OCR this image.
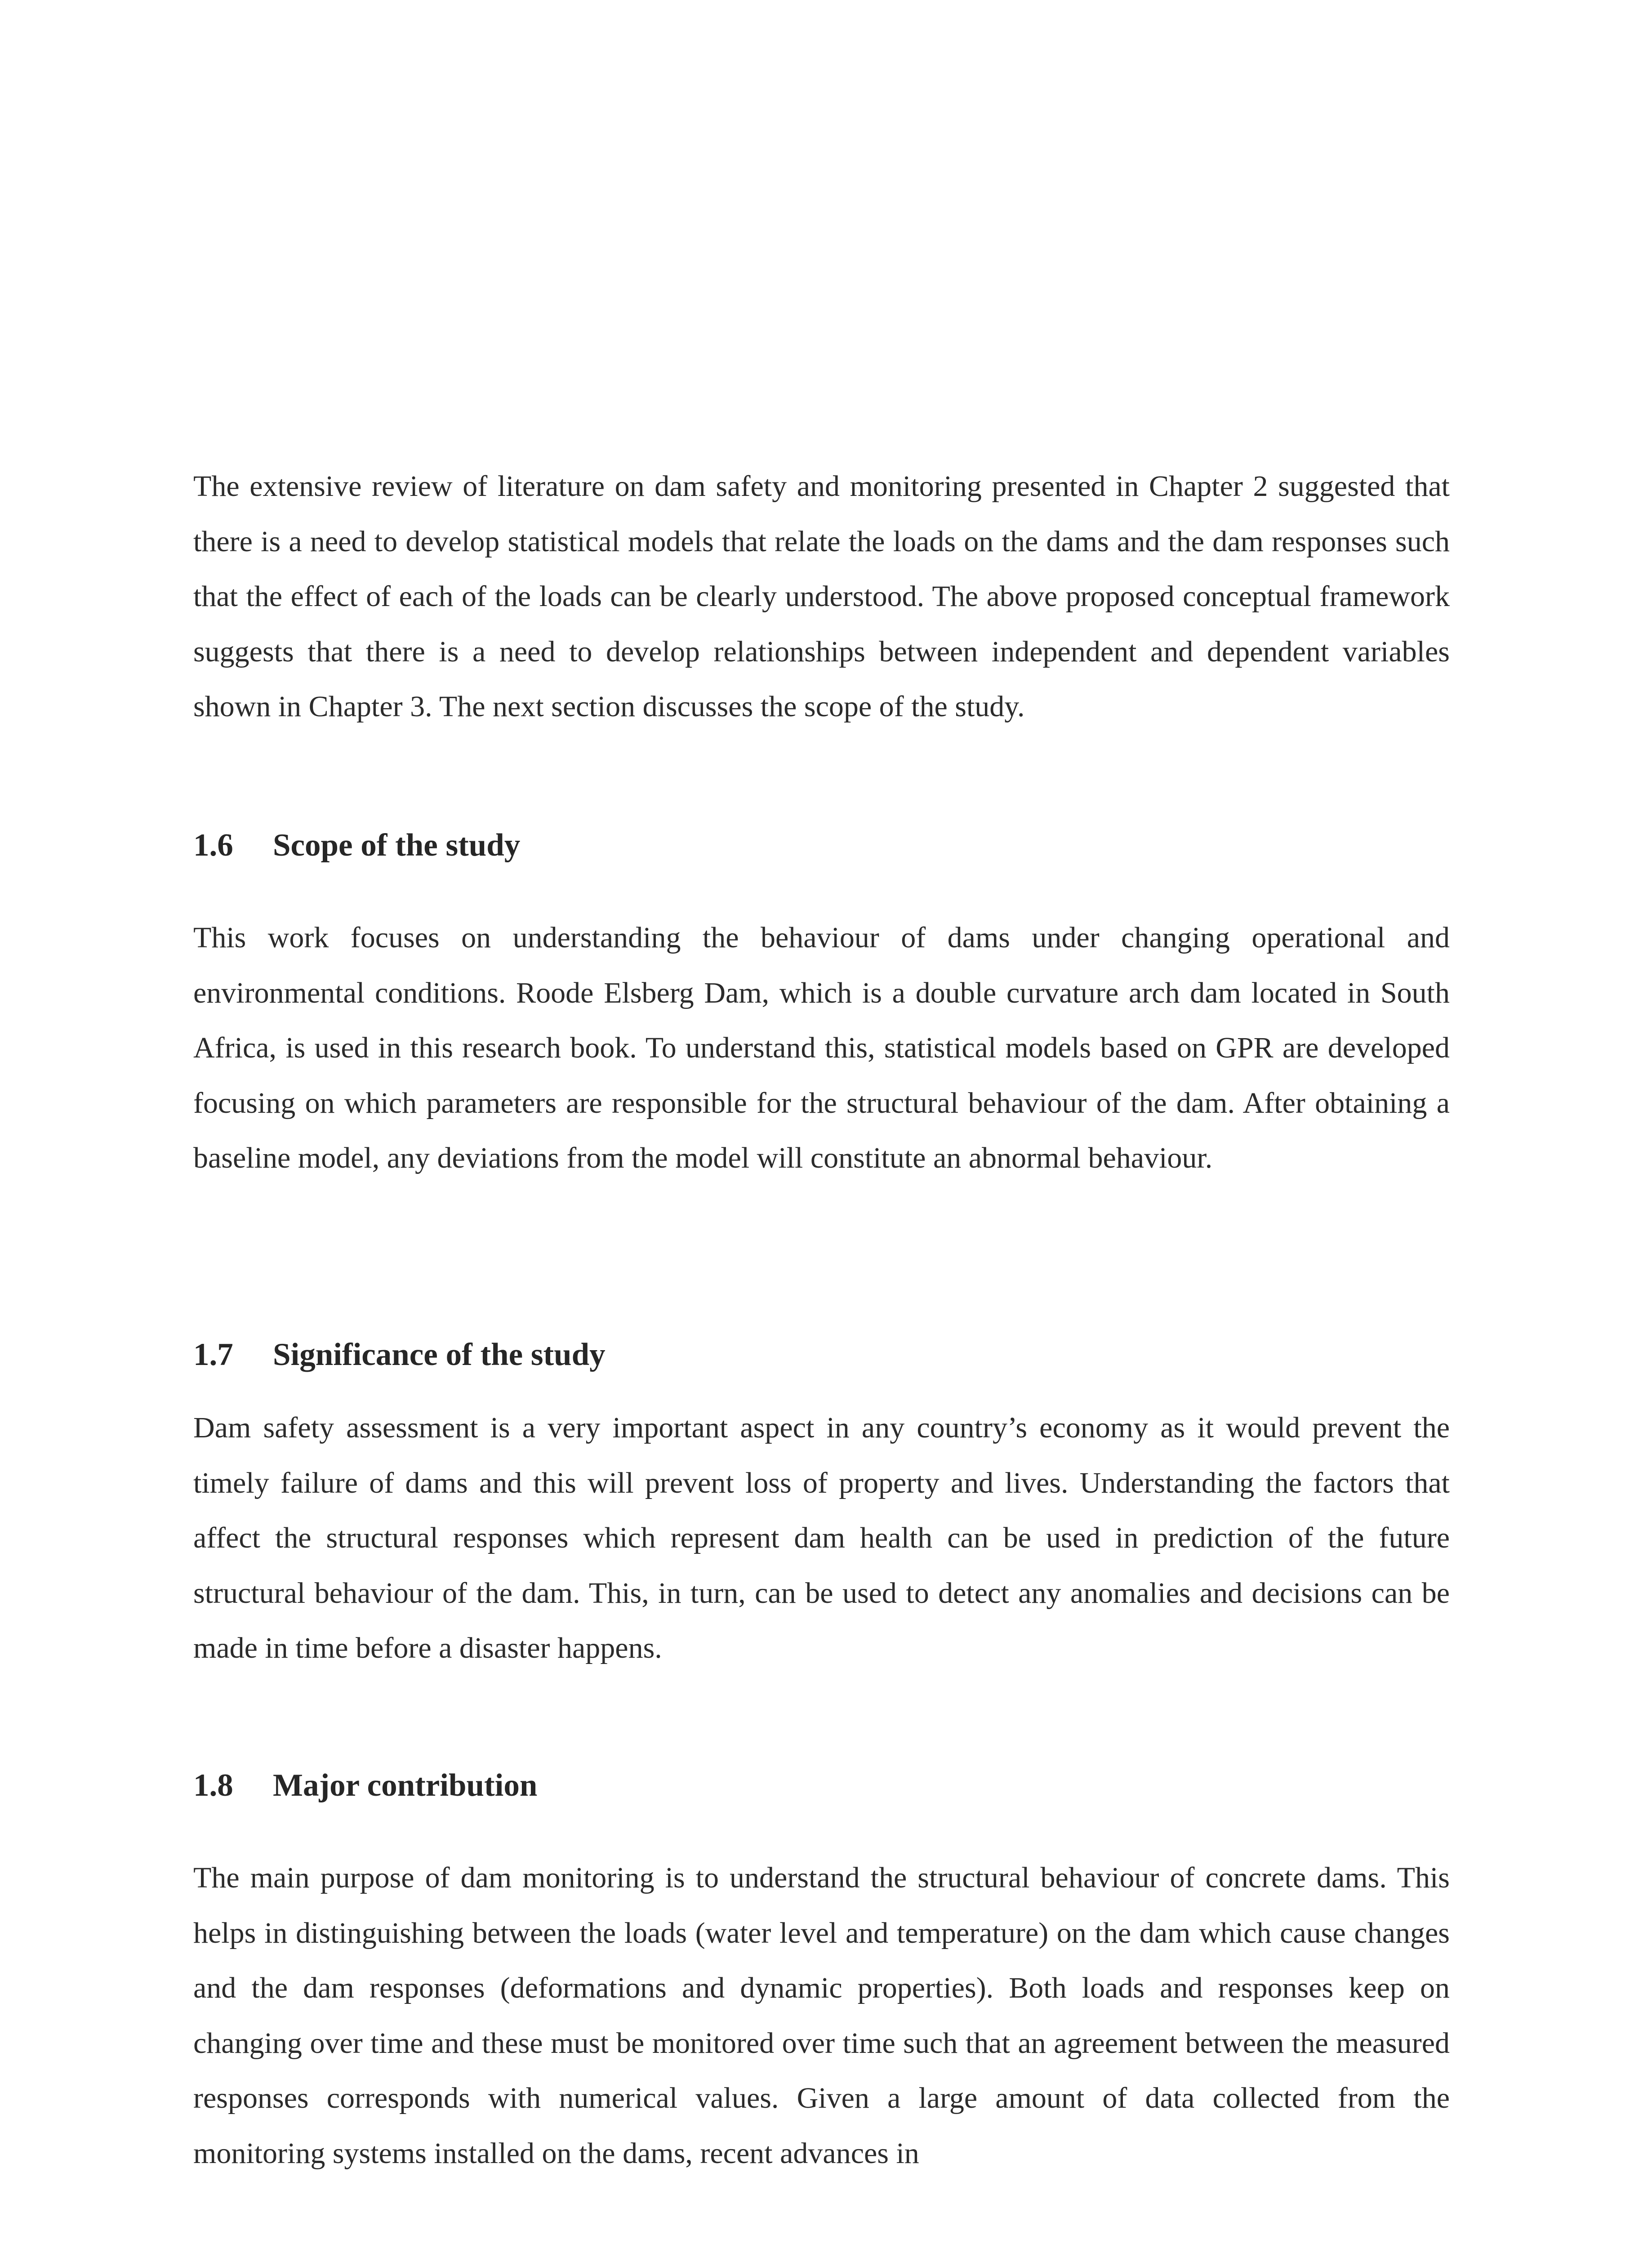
The extensive review of literature on dam safety and monitoring presented in Chapter 2 suggested that there is a need to develop statistical models that relate the loads on the dams and the dam responses such that the effect of each of the loads can be clearly understood. The above proposed conceptual framework suggests that there is a need to develop relationships between independent and dependent variables shown in Chapter 3. The next section discusses the scope of the study.

1.6 Scope of the study

This work focuses on understanding the behaviour of dams under changing operational and environmental conditions. Roode Elsberg Dam, which is a double curvature arch dam located in South Africa, is used in this research book. To understand this, statistical models based on GPR are developed focusing on which parameters are responsible for the structural behaviour of the dam. After obtaining a baseline model, any deviations from the model will constitute an abnormal behaviour.

1.7 Significance of the study

Dam safety assessment is a very important aspect in any country’s economy as it would prevent the timely failure of dams and this will prevent loss of property and lives. Understanding the factors that affect the structural responses which represent dam health can be used in prediction of the future structural behaviour of the dam. This, in turn, can be used to detect any anomalies and decisions can be made in time before a disaster happens.

1.8 Major contribution

The main purpose of dam monitoring is to understand the structural behaviour of concrete dams. This helps in distinguishing between the loads (water level and temperature) on the dam which cause changes and the dam responses (deformations and dynamic properties). Both loads and responses keep on changing over time and these must be monitored over time such that an agreement between the measured responses corresponds with numerical values. Given a large amount of data collected from the monitoring systems installed on the dams, recent advances in
